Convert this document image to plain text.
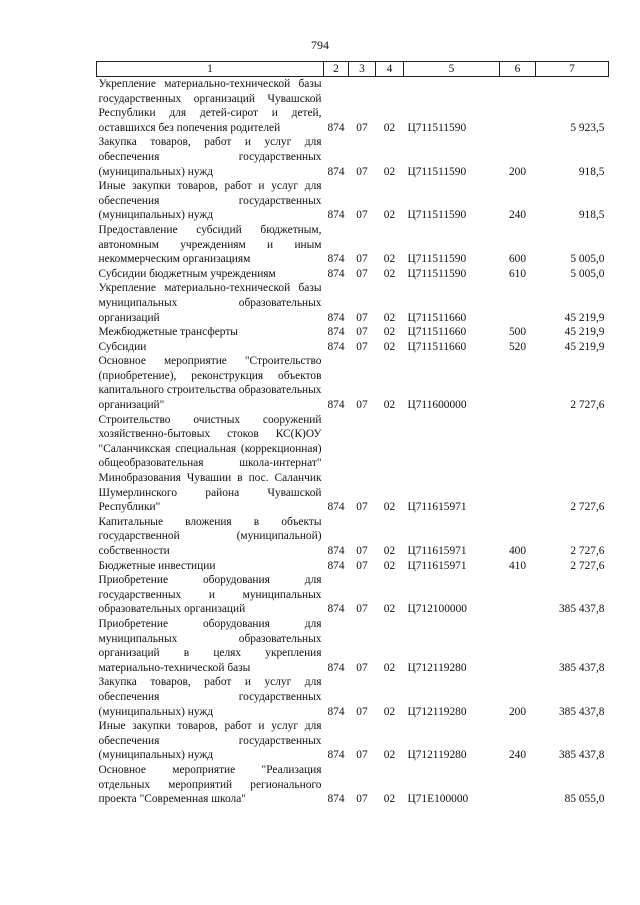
794
1	2	3	4	5	6	7
Укрепление материально-технической базы государственных организаций Чувашской Республики для детей-сирот и детей, оставшихся без попечения родителей	874	07	02	Ц711511590		5 923,5
Закупка товаров, работ и услуг для обеспечения государственных (муниципальных) нужд	874	07	02	Ц711511590	200	918,5
Иные закупки товаров, работ и услуг для обеспечения государственных (муниципальных) нужд	874	07	02	Ц711511590	240	918,5
Предоставление субсидий бюджетным, автономным учреждениям и иным некоммерческим организациям	874	07	02	Ц711511590	600	5 005,0
Субсидии бюджетным учреждениям	874	07	02	Ц711511590	610	5 005,0
Укрепление материально-технической базы муниципальных образовательных организаций	874	07	02	Ц711511660		45 219,9
Межбюджетные трансферты	874	07	02	Ц711511660	500	45 219,9
Субсидии	874	07	02	Ц711511660	520	45 219,9
Основное мероприятие "Строительство (приобретение), реконструкция объектов капитального строительства образовательных организаций"	874	07	02	Ц711600000		2 727,6
Строительство очистных сооружений хозяйственно-бытовых стоков КС(К)ОУ "Саланчикская специальная (коррекционная) общеобразовательная школа-интернат" Минобразования Чувашии в пос. Саланчик Шумерлинского района Чувашской Республики"	874	07	02	Ц711615971		2 727,6
Капитальные вложения в объекты государственной (муниципальной) собственности	874	07	02	Ц711615971	400	2 727,6
Бюджетные инвестиции	874	07	02	Ц711615971	410	2 727,6
Приобретение оборудования для государственных и муниципальных образовательных организаций	874	07	02	Ц712100000		385 437,8
Приобретение оборудования для муниципальных образовательных организаций в целях укрепления материально-технической базы	874	07	02	Ц712119280		385 437,8
Закупка товаров, работ и услуг для обеспечения государственных (муниципальных) нужд	874	07	02	Ц712119280	200	385 437,8
Иные закупки товаров, работ и услуг для обеспечения государственных (муниципальных) нужд	874	07	02	Ц712119280	240	385 437,8
Основное мероприятие "Реализация отдельных мероприятий регионального проекта "Современная школа"	874	07	02	Ц71Е100000		85 055,0
